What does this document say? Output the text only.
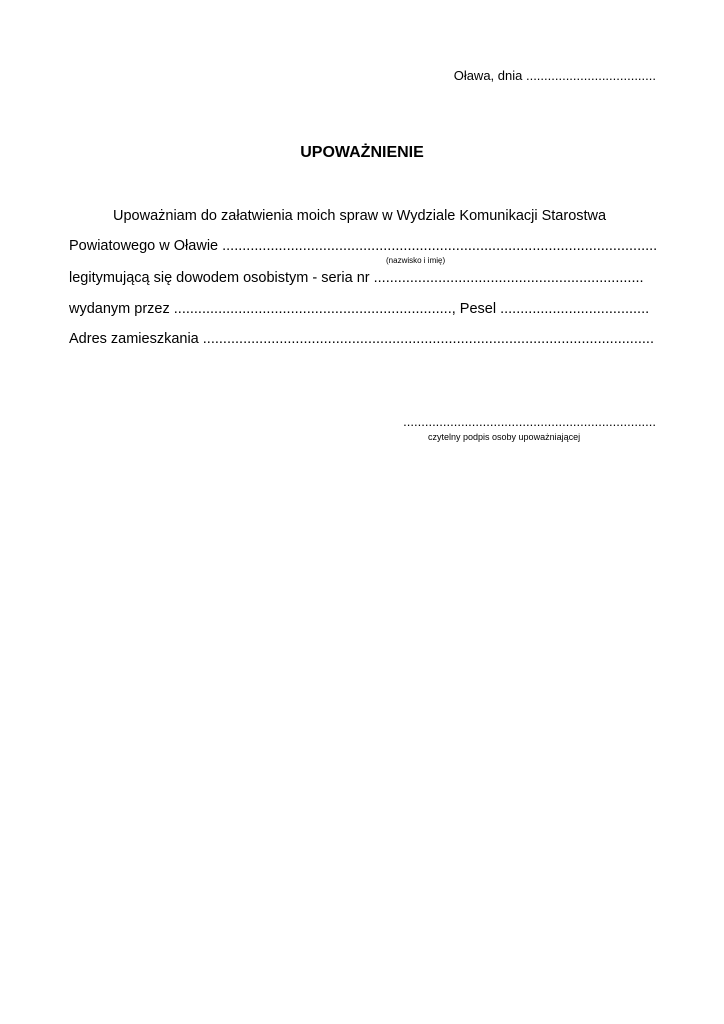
Oława, dnia ....................................
UPOWAŻNIENIE
Upoważniam do załatwienia moich spraw w Wydziale Komunikacji Starostwa
Powiatowego w Oławie ............................................................................................................
(nazwisko i imię)
legitymującą się dowodem osobistym - seria nr ...................................................................
wydanym przez ....................................................................., Pesel .....................................
Adres zamieszkania ................................................................................................................
......................................................................
czytelny podpis osoby upoważniającej
